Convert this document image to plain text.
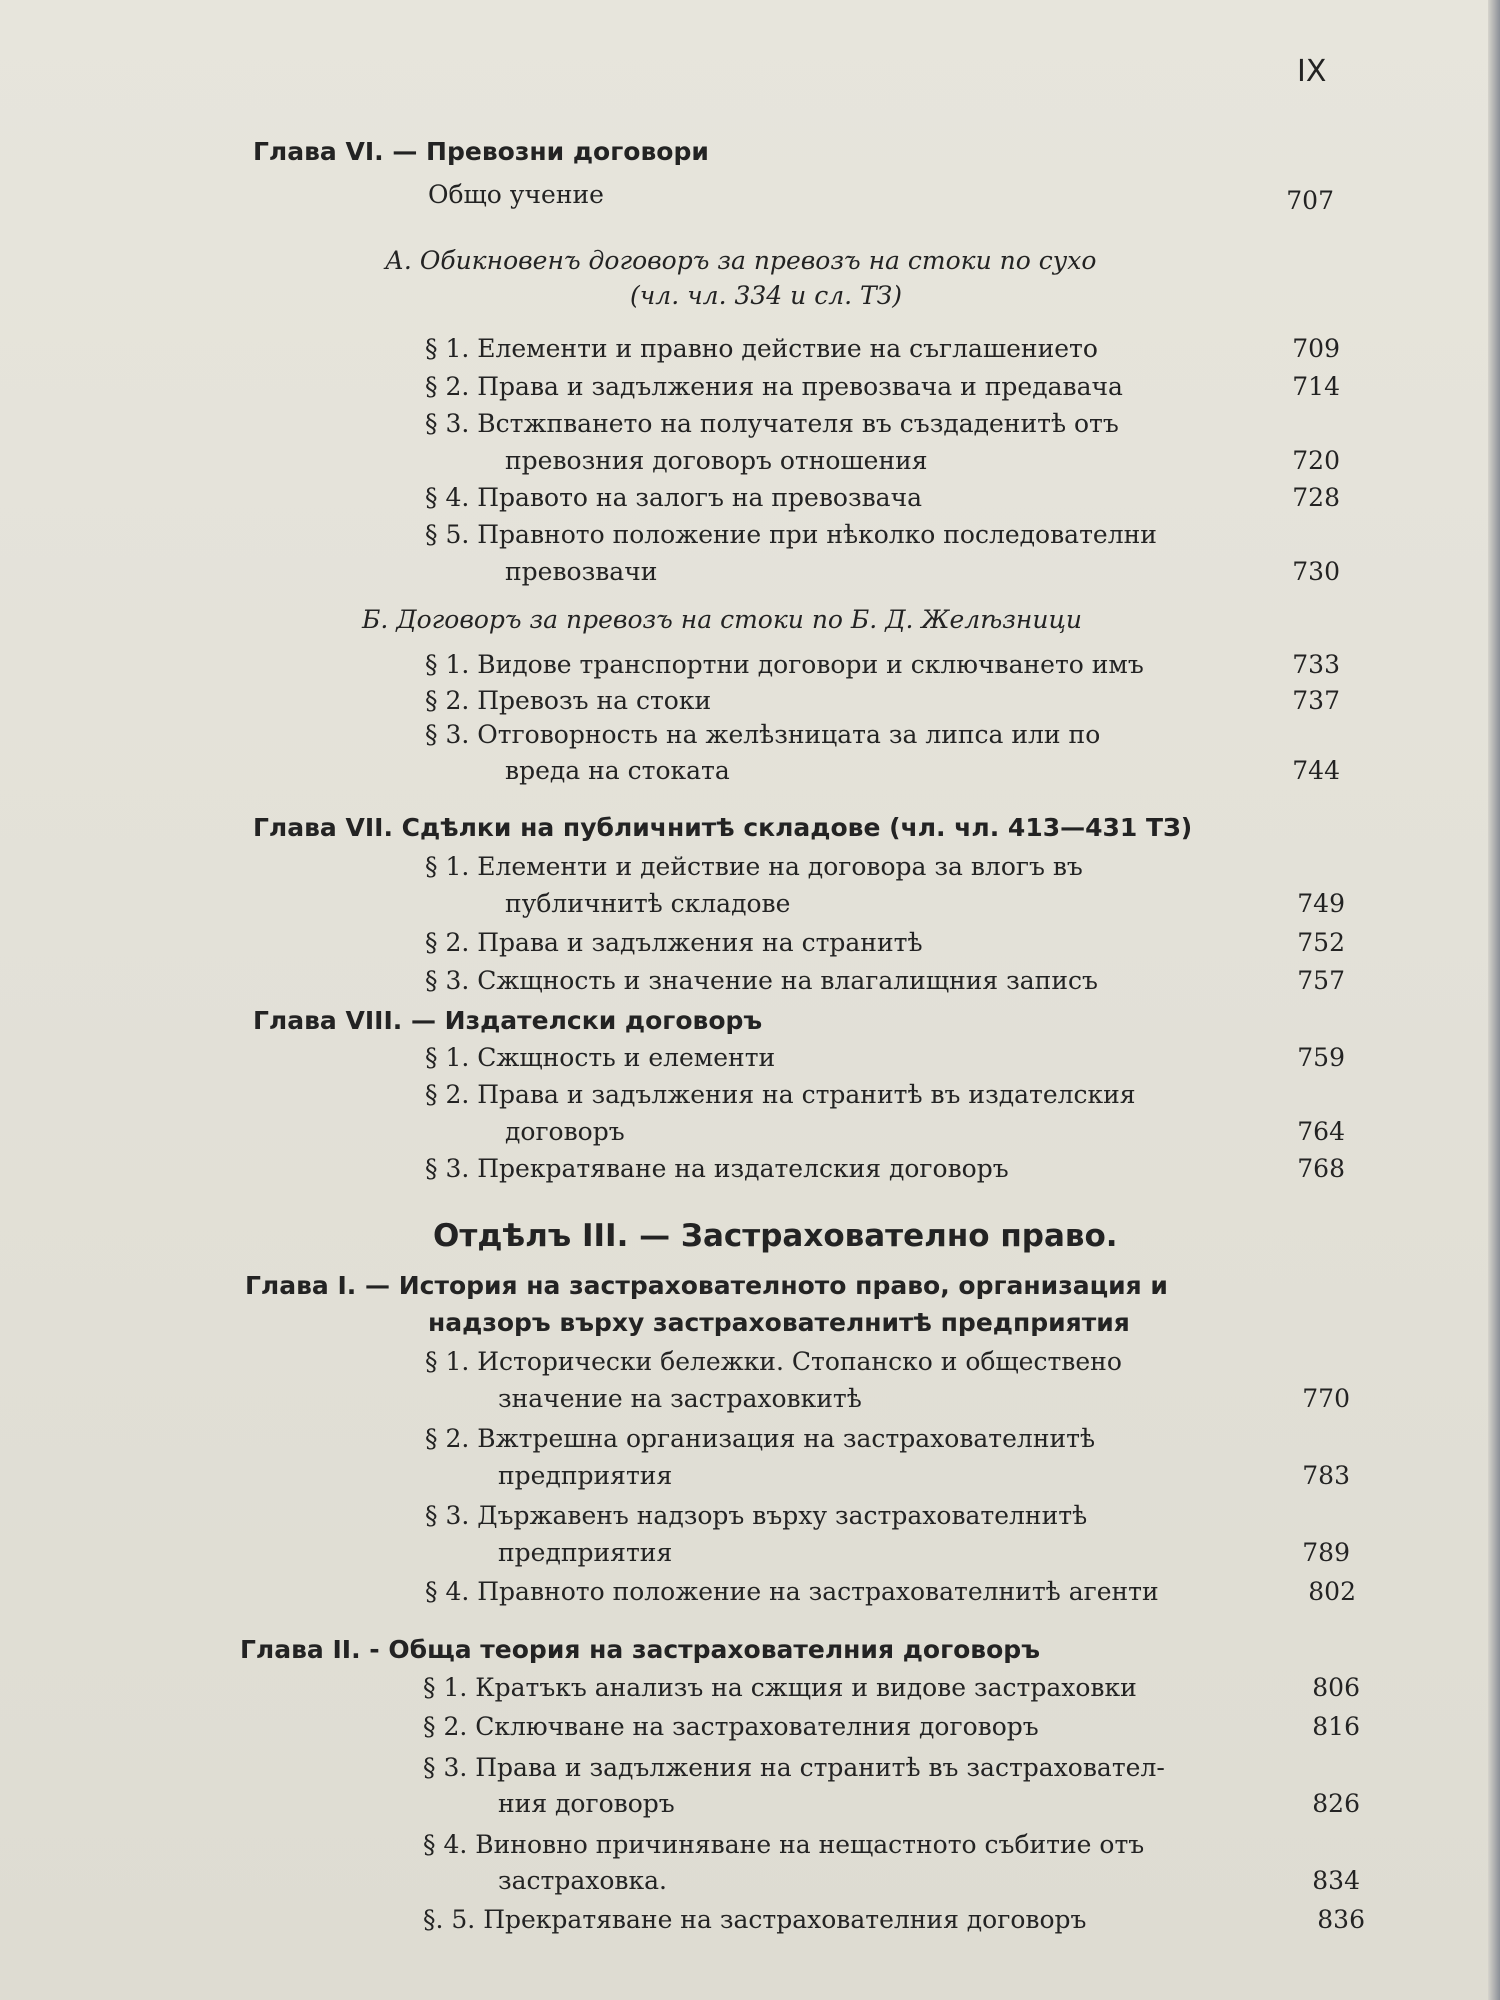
IX
Глава VI. — Превозни договори
Общо учение	707
А. Обикновенъ договоръ за превозъ на стоки по сухо
(чл. чл. 334 и сл. ТЗ)
§ 1. Елементи и правно действие на съглашението	709
§ 2. Права и задължения на превозвача и предавача	714
§ 3. Встжпването на получателя въ създаденитѣ отъ
превозния договоръ отношения	720
§ 4. Правото на залогъ на превозвача	728
§ 5. Правното положение при нѣколко последователни
превозвачи	730
Б. Договоръ за превозъ на стоки по Б. Д. Желѣзници
§ 1. Видове транспортни договори и сключването имъ	733
§ 2. Превозъ на стоки	737
§ 3. Отговорность на желѣзницата за липса или по
вреда на стоката	744
Глава VII. Сдѣлки на публичнитѣ складове (чл. чл. 413—431 ТЗ)
§ 1. Елементи и действие на договора за влогъ въ
публичнитѣ складове	749
§ 2. Права и задължения на странитѣ	752
§ 3. Сжщность и значение на влагалищния записъ	757
Глава VIII. — Издателски договоръ
§ 1. Сжщность и елементи	759
§ 2. Права и задължения на странитѣ въ издателския
договоръ	764
§ 3. Прекратяване на издателския договоръ	768
Отдѣлъ III. — Застрахователно право.
Глава I. — История на застрахователното право, организация и
надзоръ върху застрахователнитѣ предприятия
§ 1. Исторически бележки. Стопанско и обществено
значение на застраховкитѣ	770
§ 2. Вжтрешна организация на застрахователнитѣ
предприятия	783
§ 3. Държавенъ надзоръ върху застрахователнитѣ
предприятия	789
§ 4. Правното положение на застрахователнитѣ агенти	802
Глава II. - Обща теория на застрахователния договоръ
§ 1. Кратъкъ анализъ на сжщия и видове застраховки	806
§ 2. Сключване на застрахователния договоръ	816
§ 3. Права и задължения на странитѣ въ застраховател-
ния договоръ	826
§ 4. Виновно причиняване на нещастното събитие отъ
застраховка.	834
§. 5. Прекратяване на застрахователния договоръ	836
